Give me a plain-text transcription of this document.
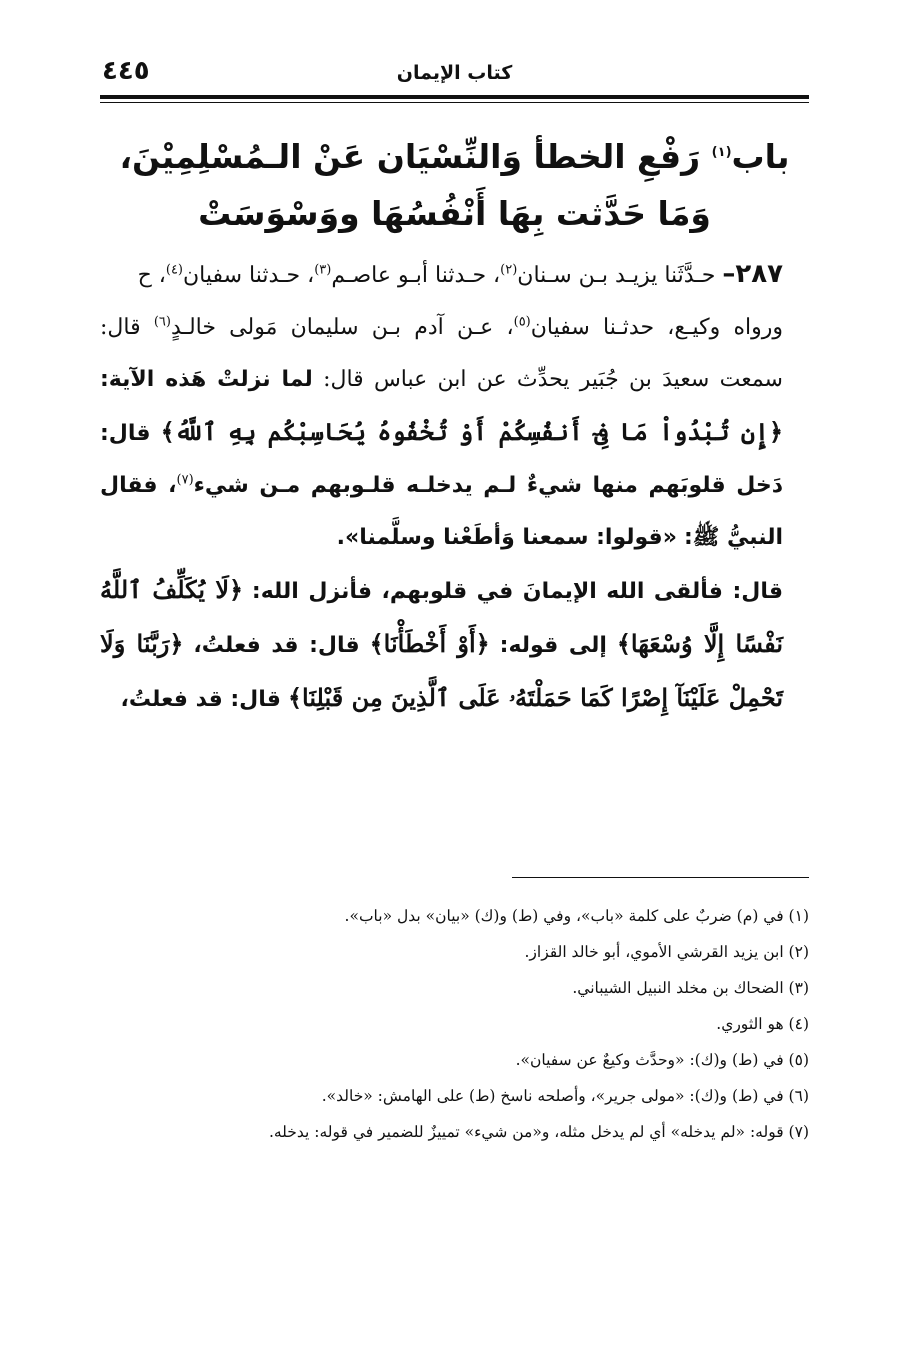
كتاب الإيمان
٤٤٥
باب$^{(١)}$ رَفْعِ الخطأ وَالنِّسْيَان عَنْ الـمُسْلِمِيْنَ، وَمَا حَدَّثت بِهَا أَنْفُسُهَا ووَسْوَسَتْ

٢٨٧– حـدَّثَنا يزيـد بـن سـنان$^{(٢)}$، حـدثنا أبـو عاصـم$^{(٣)}$، حـدثنا سفيان$^{(٤)}$، ح

ورواه وكيـع، حدثـنا سفيان$^{(٥)}$، عـن آدم بـن سليمان مَولى خالـدٍ$^{(٦)}$ قال: سمعت سعيدَ بن جُبَير يحدِّث عن ابن عباس قال: لما نزلتْ هَذه الآية: ﴿إِن تُبْدُواْ مَا فِىٓ أَنفُسِكُمْ أَوْ تُخْفُوهُ يُحَاسِبْكُم بِهِ ٱللَّهُ﴾ قال: دَخل قلوبَهم منها شيءٌ لـم يدخلـه قلـوبهم مـن شيء$^{(٧)}$، فقال النبيُّ ﷺ: «قولوا: سمعنا وَأطَعْنا وسلَّمنا».

قال: فألقى الله الإيمانَ في قلوبهم، فأنزل الله: ﴿لَا يُكَلِّفُ ٱللَّهُ نَفْسًا إِلَّا وُسْعَهَا﴾ إلى قوله: ﴿أَوْ أَخْطَأْنَا﴾ قال: قد فعلتُ، ﴿رَبَّنَا وَلَا تَحْمِلْ عَلَيْنَآ إِصْرًا كَمَا حَمَلْتَهُۥ عَلَى ٱلَّذِينَ مِن قَبْلِنَا﴾ قال: قد فعلتُ،

(١) في (م) ضربٌ على كلمة «باب»، وفي (ط) و(ك) «بيان» بدل «باب».

(٢) ابن يزيد القرشي الأموي، أبو خالد القزاز.

(٣) الضحاك بن مخلد النبيل الشيباني.

(٤) هو الثوري.

(٥) في (ط) و(ك): «وحدَّث وكيعٌ عن سفيان».

(٦) في (ط) و(ك): «مولى جرير»، وأصلحه ناسخ (ط) على الهامش: «خالد».

(٧) قوله: «لم يدخله» أي لم يدخل مثله، و«من شيء» تمييزٌ للضمير في قوله: يدخله.
